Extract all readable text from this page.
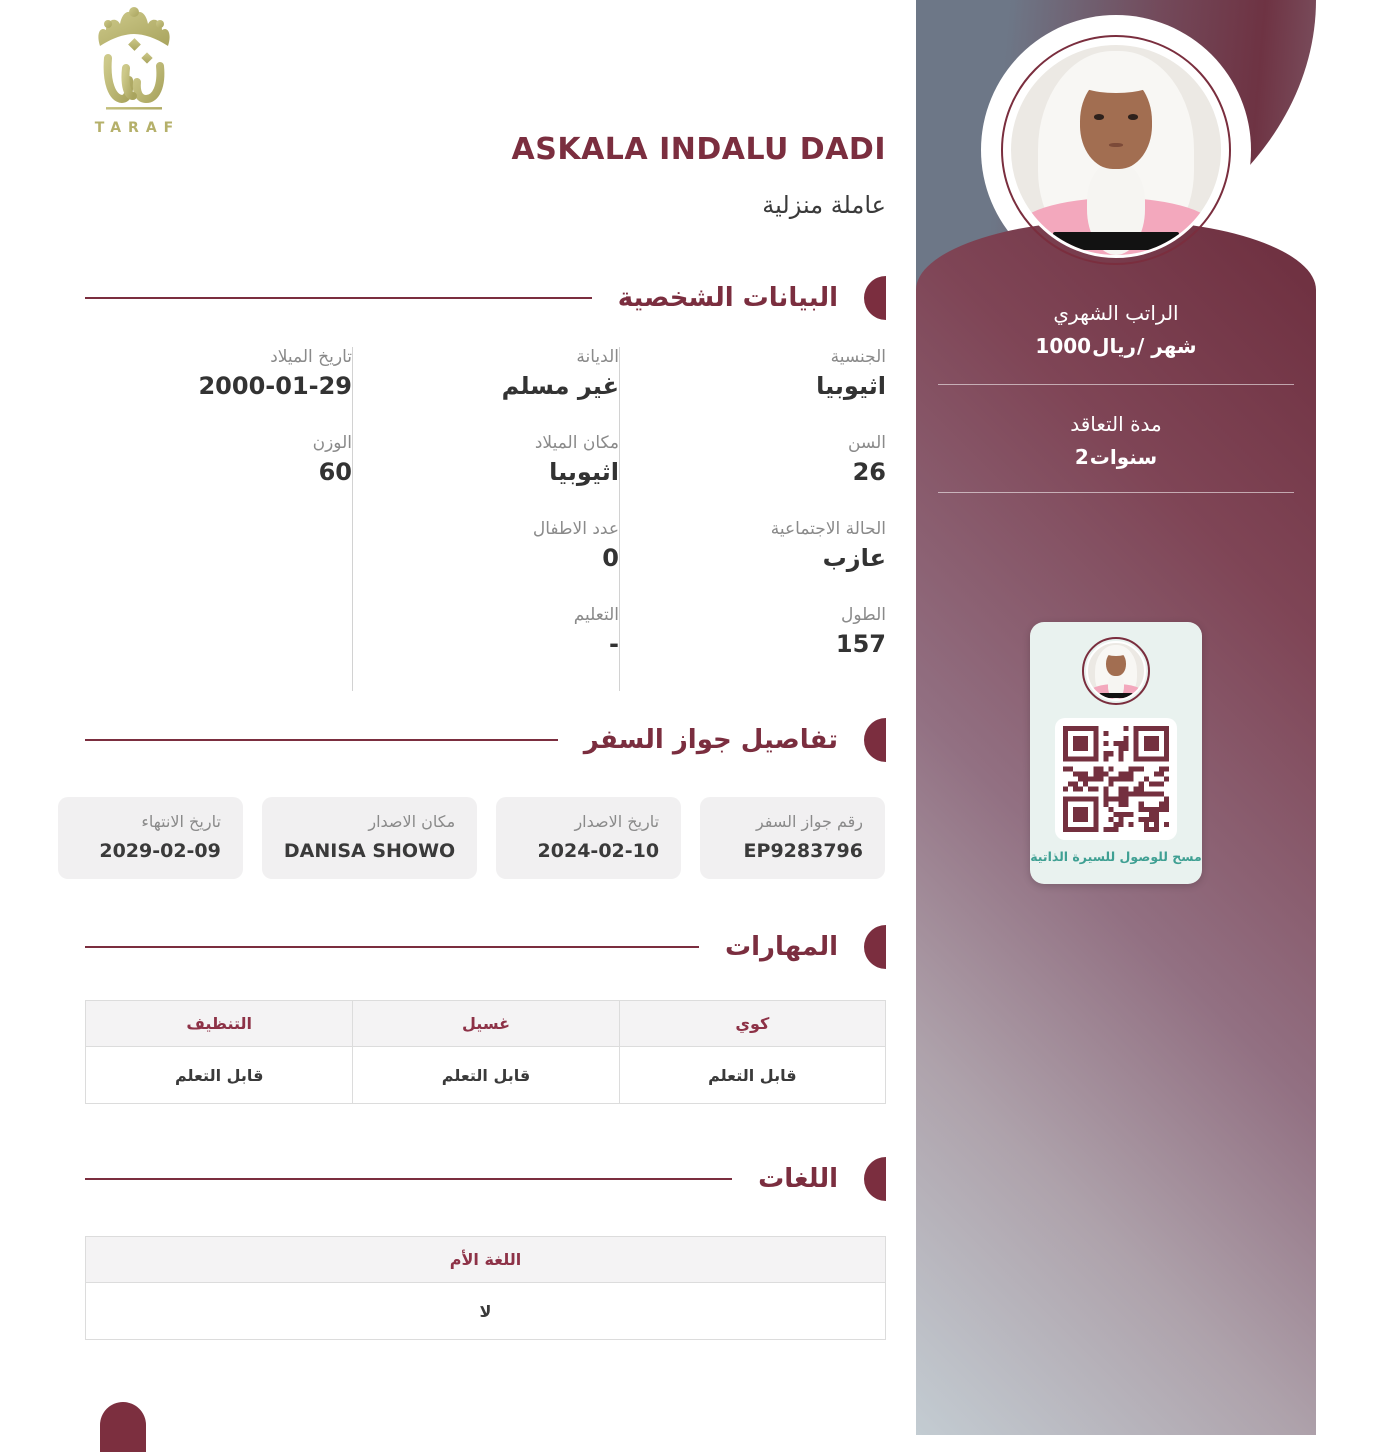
TARAF
ASKALA INDALU DADI
عاملة منزلية
البيانات الشخصية
الجنسية
اثيوبيا
السن
26
الحالة الاجتماعية
عازب
الطول
157
الديانة
غير مسلم
مكان الميلاد
اثيوبيا
عدد الاطفال
0
التعليم
-
تاريخ الميلاد
2000-01-29
الوزن
60
تفاصيل جواز السفر
رقم جواز السفر
EP9283796
تاريخ الاصدار
2024-02-10
مكان الاصدار
DANISA SHOWO
تاريخ الانتهاء
2029-02-09
المهارات
كوي
غسيل
التنظيف
قابل التعلم
قابل التعلم
قابل التعلم
اللغات
اللغة الأم
لا
الراتب الشهري
1000 ريال / شهر
مدة التعاقد
2 سنوات
مسح للوصول للسيرة الذاتية
